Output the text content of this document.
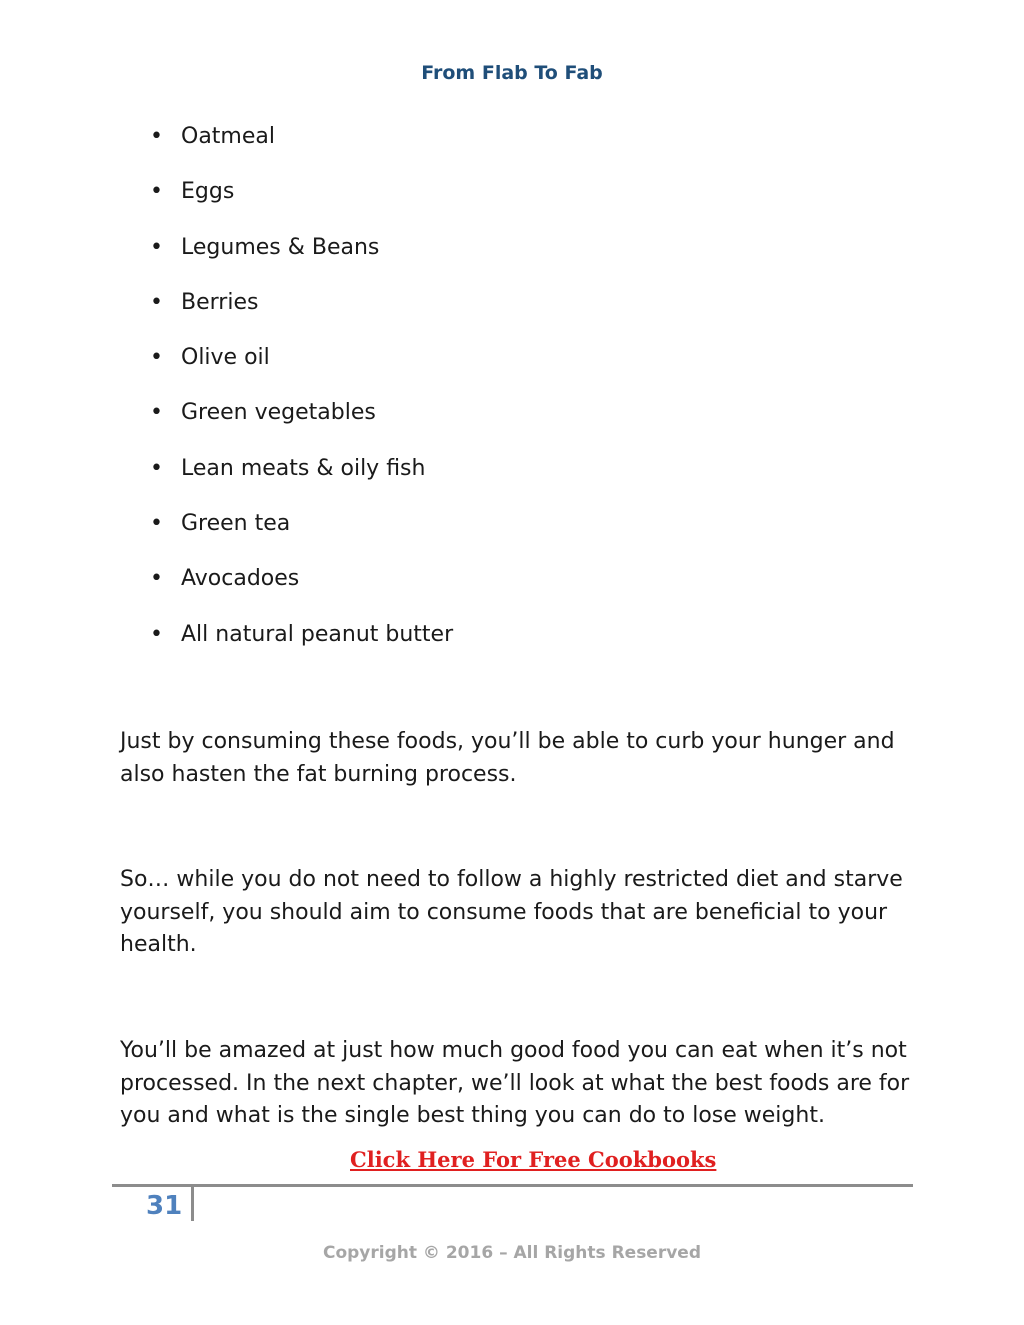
From Flab To Fab
• Oatmeal
• Eggs
• Legumes & Beans
• Berries
• Olive oil
• Green vegetables
• Lean meats & oily fish
• Green tea
• Avocadoes
• All natural peanut butter

Just by consuming these foods, you’ll be able to curb your hunger and also hasten the fat burning process.

So… while you do not need to follow a highly restricted diet and starve yourself, you should aim to consume foods that are beneficial to your health.

You’ll be amazed at just how much good food you can eat when it’s not processed. In the next chapter, we’ll look at what the best foods are for you and what is the single best thing you can do to lose weight.

Click Here For Free Cookbooks
31
Copyright © 2016 – All Rights Reserved
